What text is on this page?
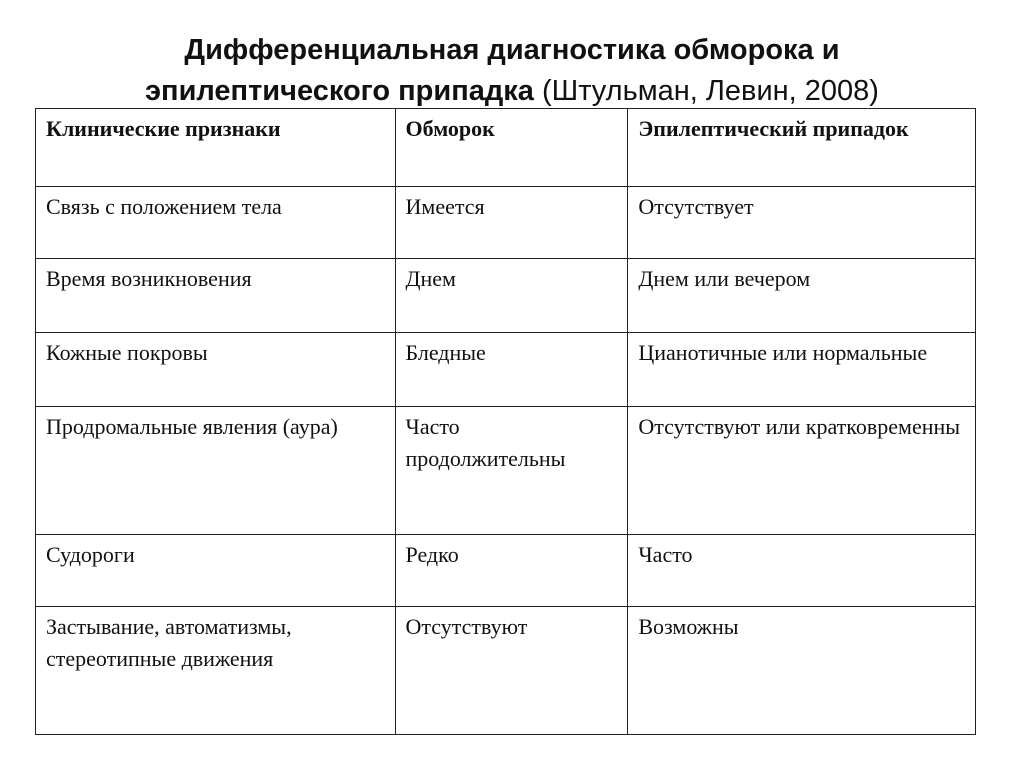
Дифференциальная диагностика обморока и
эпилептического припадка (Штульман, Левин, 2008)
Клинические признаки	Обморок	Эпилептический припадок
Связь с положением тела	Имеется	Отсутствует
Время возникновения	Днем	Днем или вечером
Кожные покровы	Бледные	Цианотичные или нормальные
Продромальные явления (аура)	Часто продолжительны	Отсутствуют или кратковременны
Судороги	Редко	Часто
Застывание, автоматизмы, стереотипные движения	Отсутствуют	Возможны
